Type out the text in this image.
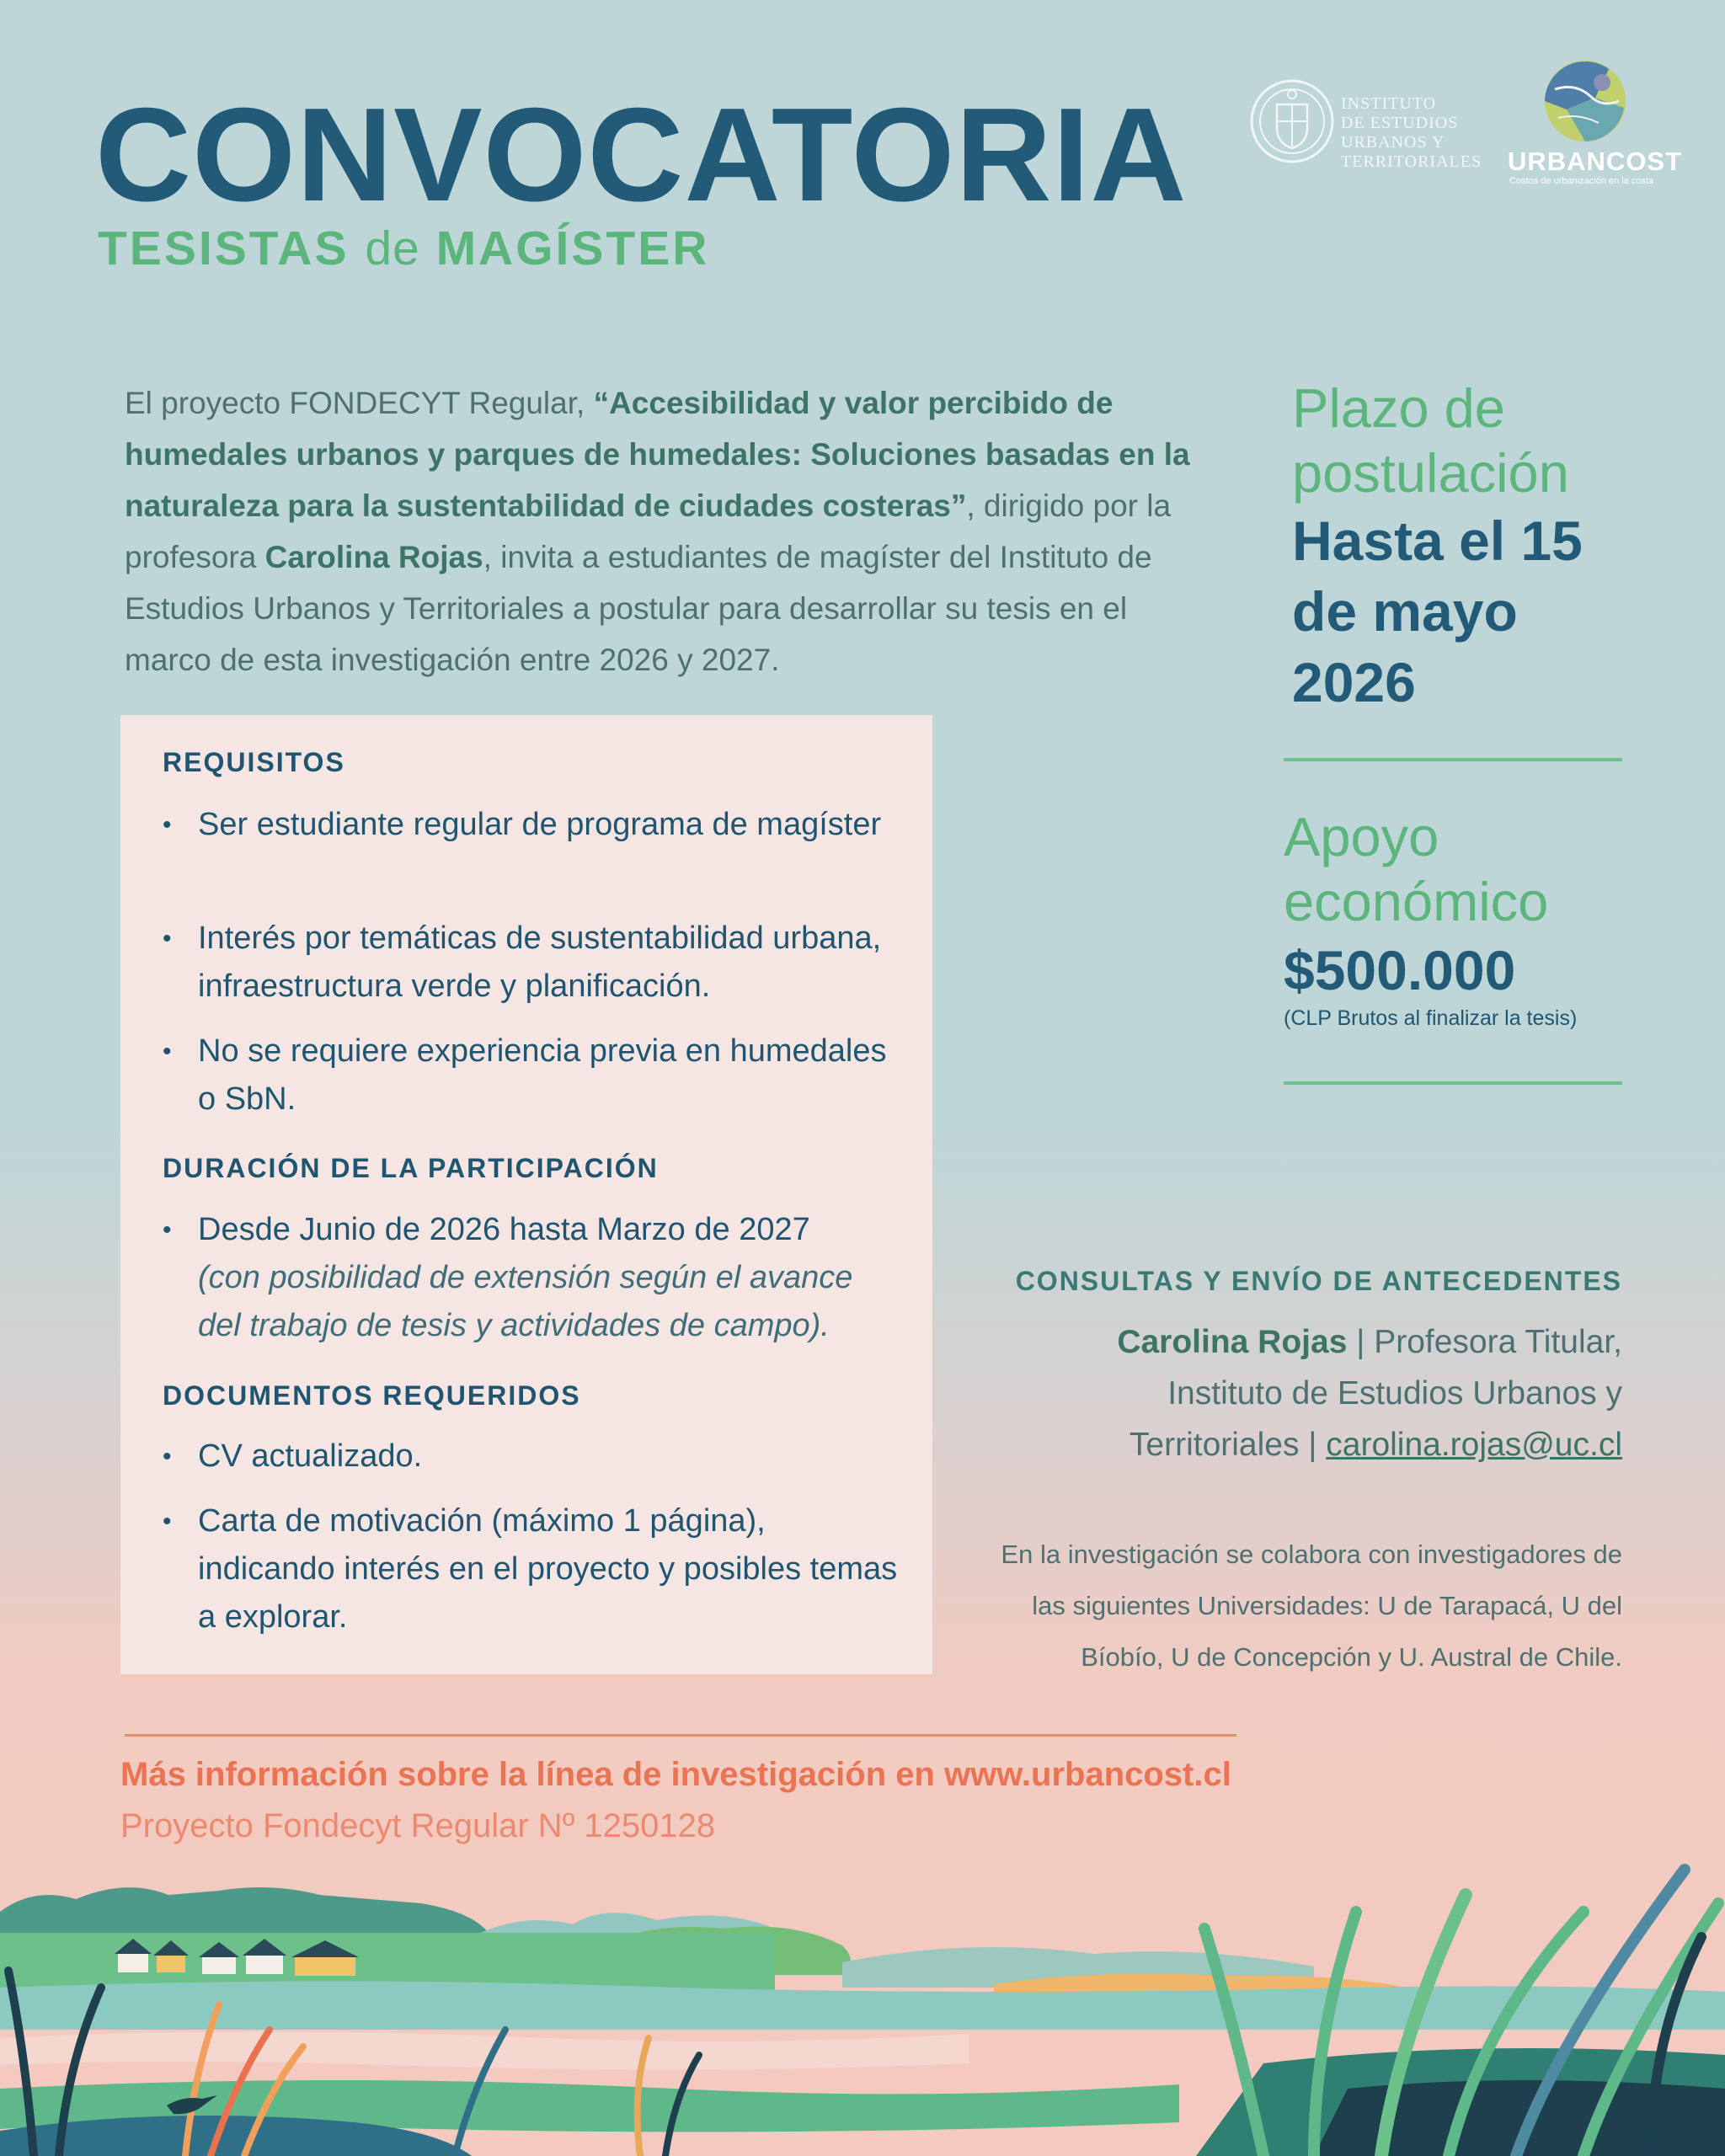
CONVOCATORIA
TESISTAS de MAGÍSTER
INSTITUTO
DE ESTUDIOS
URBANOS Y
TERRITORIALES URBANCOST
Costos de urbanización en la costa
El proyecto FONDECYT Regular, “Accesibilidad y valor percibido de humedales urbanos y parques de humedales: Soluciones basadas en la naturaleza para la sustentabilidad de ciudades costeras”, dirigido por la profesora Carolina Rojas, invita a estudiantes de magíster del Instituto de Estudios Urbanos y Territoriales a postular para desarrollar su tesis en el marco de esta investigación entre 2026 y 2027.
REQUISITOS
• Ser estudiante regular de programa de magíster
• Interés por temáticas de sustentabilidad urbana, infraestructura verde y planificación.
• No se requiere experiencia previa en humedales o SbN.
DURACIÓN DE LA PARTICIPACIÓN
• Desde Junio de 2026 hasta Marzo de 2027
(con posibilidad de extensión según el avance del trabajo de tesis y actividades de campo).
DOCUMENTOS REQUERIDOS
• CV actualizado.
• Carta de motivación (máximo 1 página), indicando interés en el proyecto y posibles temas a explorar.
Plazo de
postulación
Hasta el 15
de mayo
2026
Apoyo
económico
$500.000
(CLP Brutos al finalizar la tesis)
CONSULTAS Y ENVÍO DE ANTECEDENTES
Carolina Rojas | Profesora Titular,
Instituto de Estudios Urbanos y
Territoriales | carolina.rojas@uc.cl
En la investigación se colabora con investigadores de las siguientes Universidades: U de Tarapacá, U del Bíobío, U de Concepción y U. Austral de Chile.
Más información sobre la línea de investigación en www.urbancost.cl
Proyecto Fondecyt Regular Nº 1250128
